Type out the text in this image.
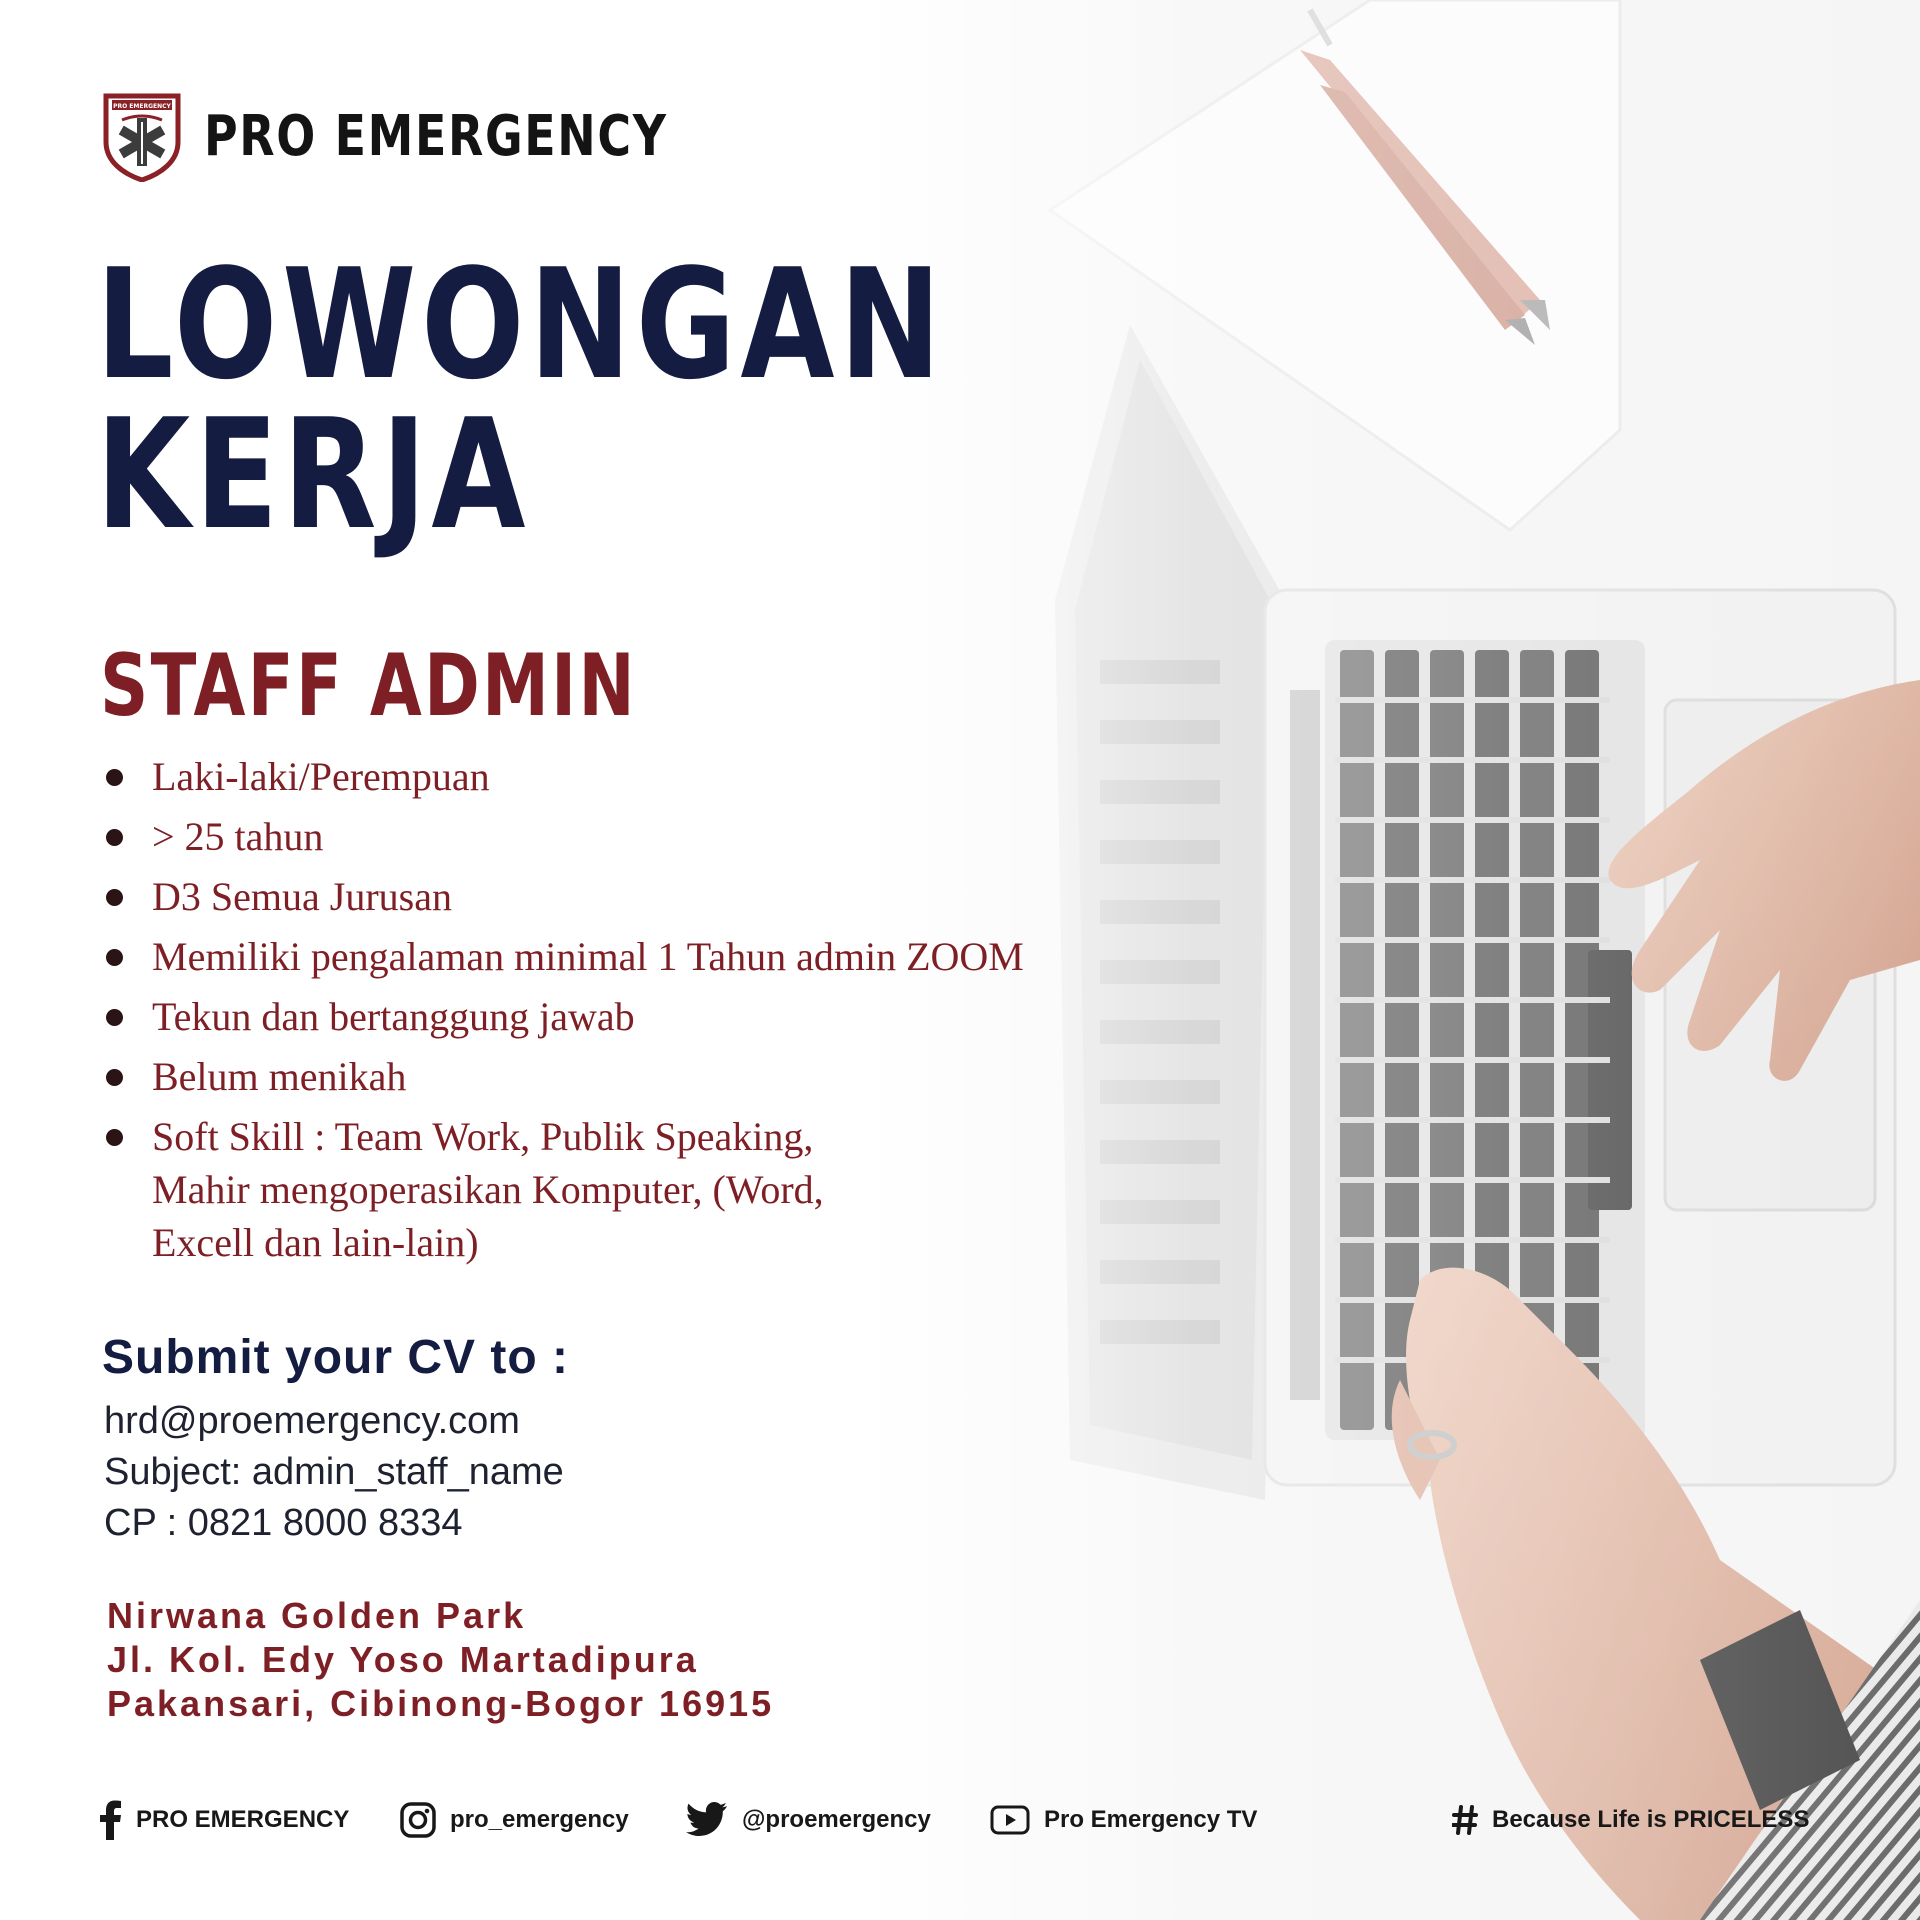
PRO EMERGENCY PRO EMERGENCY
LOWONGAN
KERJA
STAFF ADMIN
Laki-laki/Perempuan
> 25 tahun
D3 Semua Jurusan
Memiliki pengalaman minimal 1 Tahun admin ZOOM
Tekun dan bertanggung jawab
Belum menikah
Soft Skill : Team Work, Publik Speaking, Mahir mengoperasikan Komputer, (Word, Excell dan lain-lain)
Submit your CV to :
hrd@proemergency.com
Subject: admin_staff_name
CP : 0821 8000 8334
Nirwana Golden Park
Jl. Kol. Edy Yoso Martadipura
Pakansari, Cibinong-Bogor 16915
PRO EMERGENCY	pro_emergency	@proemergency	Pro Emergency TV	Because Life is PRICELESS
